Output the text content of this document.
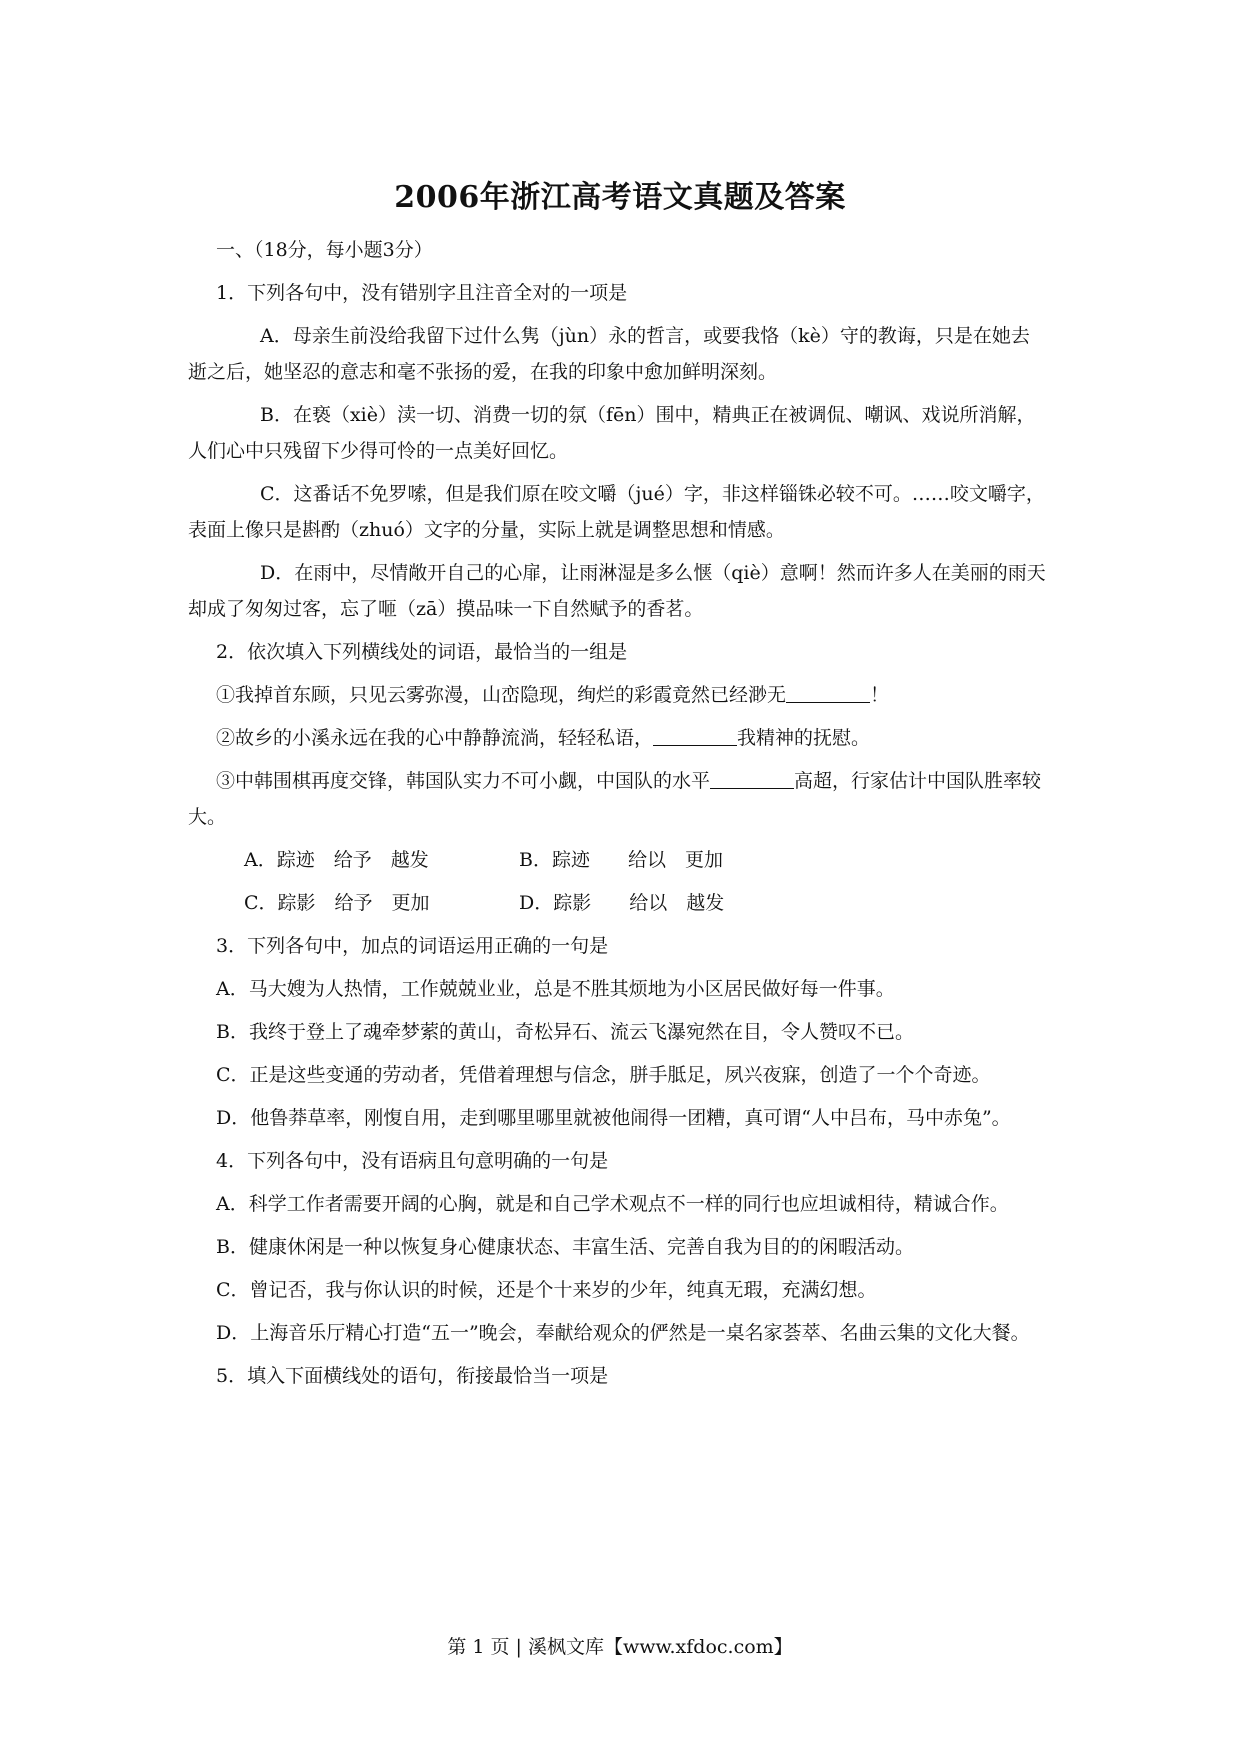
2006年浙江高考语文真题及答案

一、（18分，每小题3分）

1．下列各句中，没有错别字且注音全对的一项是

A．母亲生前没给我留下过什么隽（jùn）永的哲言，或要我恪（kè）守的教诲，只是在她去逝之后，她坚忍的意志和毫不张扬的爱，在我的印象中愈加鲜明深刻。

B．在亵（xiè）渎一切、消费一切的氛（fēn）围中，精典正在被调侃、嘲讽、戏说所消解，人们心中只残留下少得可怜的一点美好回忆。

C．这番话不免罗嗦，但是我们原在咬文嚼（jué）字，非这样锱铢必较不可。……咬文嚼字，表面上像只是斟酌（zhuó）文字的分量，实际上就是调整思想和情感。

D．在雨中，尽情敞开自己的心扉，让雨淋湿是多么惬（qiè）意啊！然而许多人在美丽的雨天却成了匆匆过客，忘了咂（zā）摸品味一下自然赋予的香茗。

2．依次填入下列横线处的词语，最恰当的一组是

①我掉首东顾，只见云雾弥漫，山峦隐现，绚烂的彩霞竟然已经渺无	！

②故乡的小溪永远在我的心中静静流淌，轻轻私语，	我精神的抚慰。

③中韩围棋再度交锋，韩国队实力不可小觑，中国队的水平	高超，行家估计中国队胜率较大。

A．踪迹　给予　越发	B．踪迹　　给以　更加

C．踪影　给予　更加	D．踪影　　给以　越发

3．下列各句中，加点的词语运用正确的一句是

A．马大嫂为人热情，工作兢兢业业，总是不胜其烦地为小区居民做好每一件事。

B．我终于登上了魂牵梦萦的黄山，奇松异石、流云飞瀑宛然在目，令人赞叹不已。

C．正是这些变通的劳动者，凭借着理想与信念，胼手胝足，夙兴夜寐，创造了一个个奇迹。

D．他鲁莽草率，刚愎自用，走到哪里哪里就被他闹得一团糟，真可谓“人中吕布，马中赤兔”。

4．下列各句中，没有语病且句意明确的一句是

A．科学工作者需要开阔的心胸，就是和自己学术观点不一样的同行也应坦诚相待，精诚合作。

B．健康休闲是一种以恢复身心健康状态、丰富生活、完善自我为目的的闲暇活动。

C．曾记否，我与你认识的时候，还是个十来岁的少年，纯真无瑕，充满幻想。

D．上海音乐厅精心打造“五一”晚会，奉献给观众的俨然是一桌名家荟萃、名曲云集的文化大餐。

5．填入下面横线处的语句，衔接最恰当一项是

第 1 页 | 溪枫文库【www.xfdoc.com】
